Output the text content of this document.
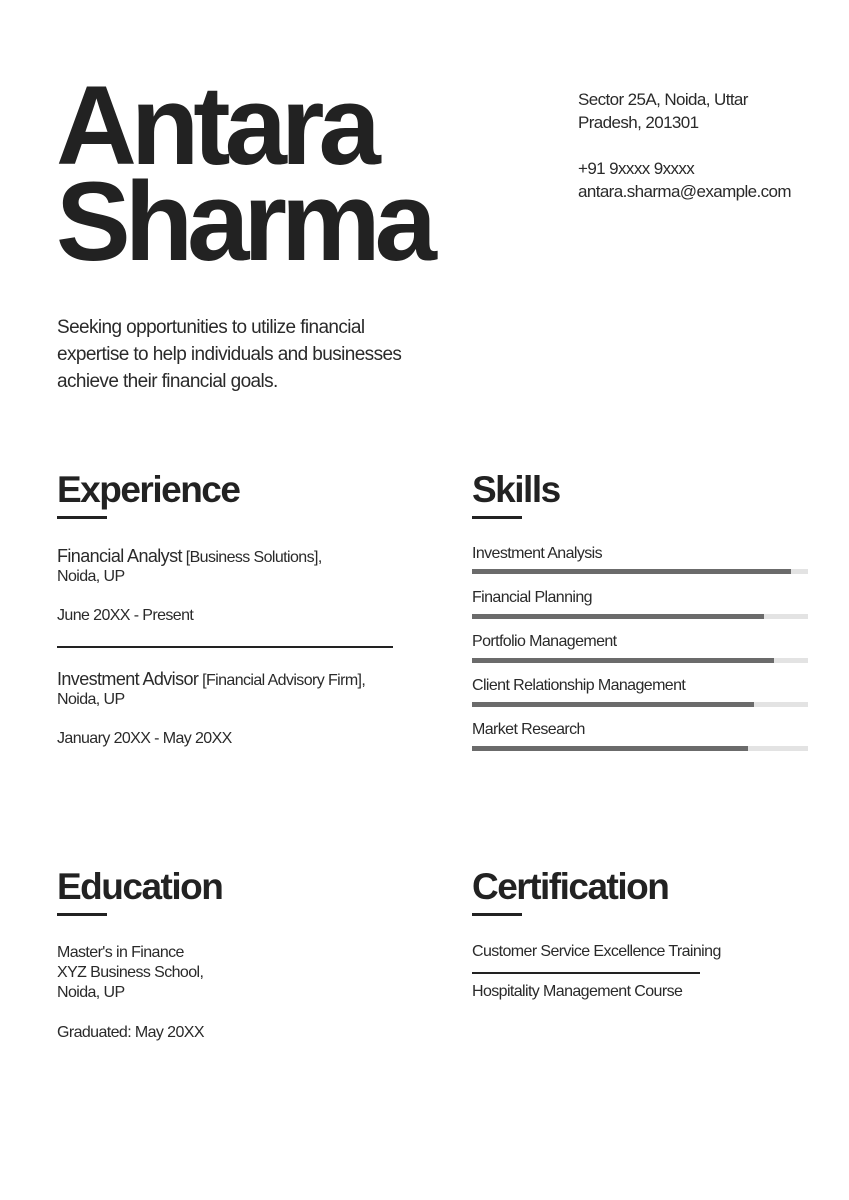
Antara
Sharma
Sector 25A, Noida, Uttar Pradesh, 201301
+91 9xxxx 9xxxx
antara.sharma@example.com
Seeking opportunities to utilize financial expertise to help individuals and businesses achieve their financial goals.
Experience
Financial Analyst [Business Solutions],
Noida, UP
June 20XX - Present
Investment Advisor [Financial Advisory Firm],
Noida, UP
January 20XX - May 20XX
Skills
Investment Analysis
Financial Planning
Portfolio Management
Client Relationship Management
Market Research
Education
Master's in Finance
XYZ Business School,
Noida, UP
Graduated: May 20XX
Certification
Customer Service Excellence Training
Hospitality Management Course
